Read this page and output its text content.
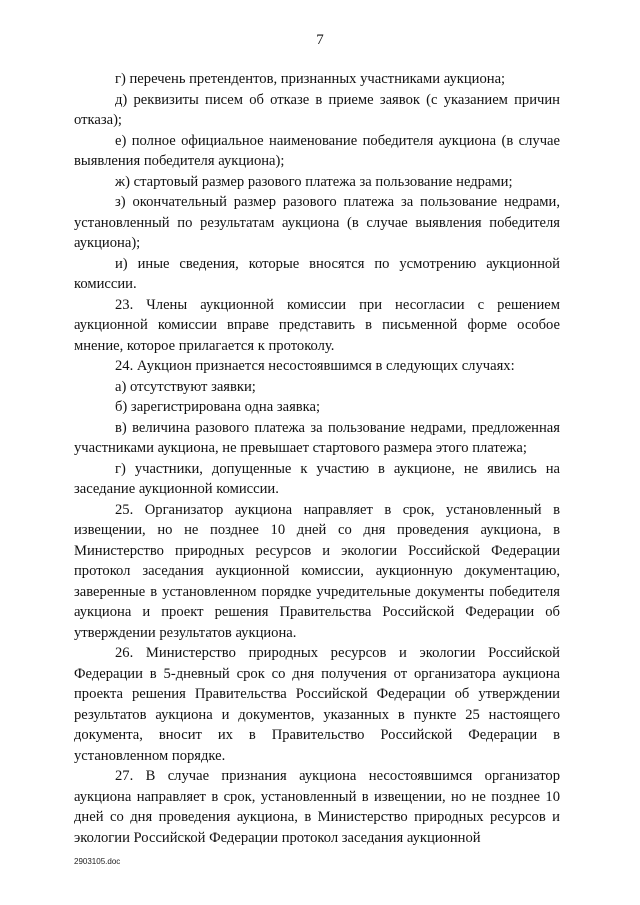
7

г) перечень претендентов, признанных участниками аукциона;

д) реквизиты писем об отказе в приеме заявок (с указанием причин отказа);

е) полное официальное наименование победителя аукциона (в случае выявления победителя аукциона);

ж) стартовый размер разового платежа за пользование недрами;

з) окончательный размер разового платежа за пользование недрами, установленный по результатам аукциона (в случае выявления победителя аукциона);

и) иные сведения, которые вносятся по усмотрению аукционной комиссии.

23. Члены аукционной комиссии при несогласии с решением аукционной комиссии вправе представить в письменной форме особое мнение, которое прилагается к протоколу.

24. Аукцион признается несостоявшимся в следующих случаях:

а) отсутствуют заявки;

б) зарегистрирована одна заявка;

в) величина разового платежа за пользование недрами, предложенная участниками аукциона, не превышает стартового размера этого платежа;

г) участники, допущенные к участию в аукционе, не явились на заседание аукционной комиссии.

25. Организатор аукциона направляет в срок, установленный в извещении, но не позднее 10 дней со дня проведения аукциона, в Министерство природных ресурсов и экологии Российской Федерации протокол заседания аукционной комиссии, аукционную документацию, заверенные в установленном порядке учредительные документы победителя аукциона и проект решения Правительства Российской Федерации об утверждении результатов аукциона.

26. Министерство природных ресурсов и экологии Российской Федерации в 5-дневный срок со дня получения от организатора аукциона проекта решения Правительства Российской Федерации об утверждении результатов аукциона и документов, указанных в пункте 25 настоящего документа, вносит их в Правительство Российской Федерации в установленном порядке.

27. В случае признания аукциона несостоявшимся организатор аукциона направляет в срок, установленный в извещении, но не позднее 10 дней со дня проведения аукциона, в Министерство природных ресурсов и экологии Российской Федерации протокол заседания аукционной

2903105.doc
